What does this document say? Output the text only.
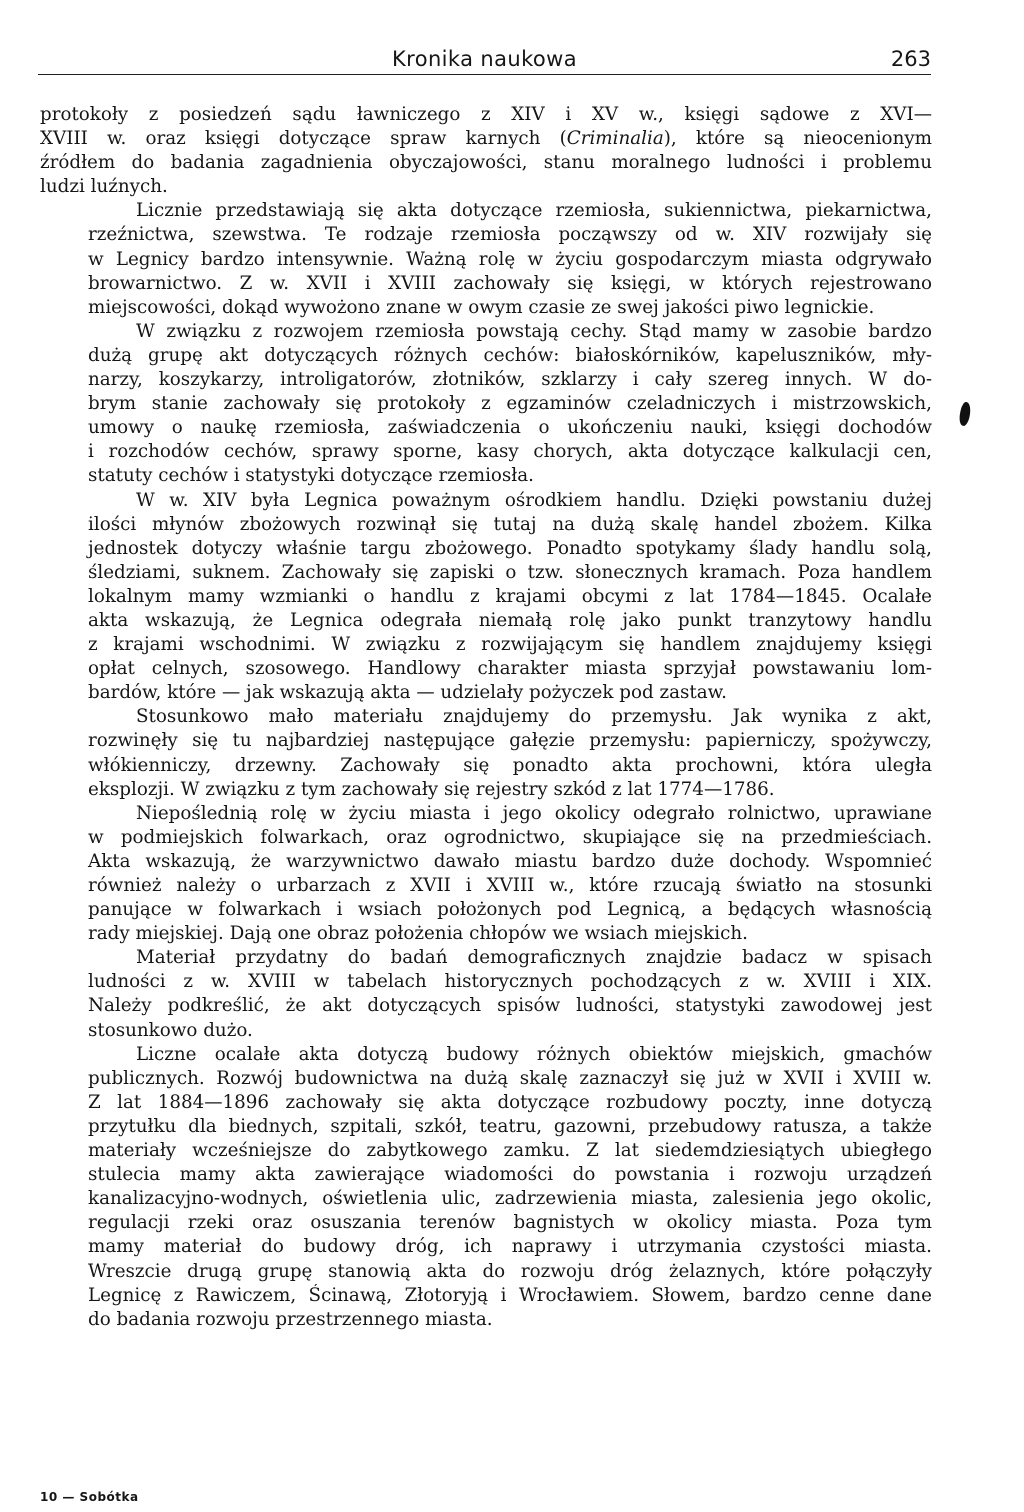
Kronika naukowa	263
protokoły z posiedzeń sądu ławniczego z XIV i XV w., księgi sądowe z XVI—
XVIII w. oraz księgi dotyczące spraw karnych (Criminalia), które są nieocenionym
źródłem do badania zagadnienia obyczajowości, stanu moralnego ludności i problemu
ludzi luźnych.
Licznie przedstawiają się akta dotyczące rzemiosła, sukiennictwa, piekarnictwa,
rzeźnictwa, szewstwa. Te rodzaje rzemiosła począwszy od w. XIV rozwijały się
w Legnicy bardzo intensywnie. Ważną rolę w życiu gospodarczym miasta odgrywało
browarnictwo. Z w. XVII i XVIII zachowały się księgi, w których rejestrowano
miejscowości, dokąd wywożono znane w owym czasie ze swej jakości piwo legnickie.
W związku z rozwojem rzemiosła powstają cechy. Stąd mamy w zasobie bardzo
dużą grupę akt dotyczących różnych cechów: białoskórników, kapeluszników, mły-
narzy, koszykarzy, introligatorów, złotników, szklarzy i cały szereg innych. W do-
brym stanie zachowały się protokoły z egzaminów czeladniczych i mistrzowskich,
umowy o naukę rzemiosła, zaświadczenia o ukończeniu nauki, księgi dochodów
i rozchodów cechów, sprawy sporne, kasy chorych, akta dotyczące kalkulacji cen,
statuty cechów i statystyki dotyczące rzemiosła.
W w. XIV była Legnica poważnym ośrodkiem handlu. Dzięki powstaniu dużej
ilości młynów zbożowych rozwinął się tutaj na dużą skalę handel zbożem. Kilka
jednostek dotyczy właśnie targu zbożowego. Ponadto spotykamy ślady handlu solą,
śledziami, suknem. Zachowały się zapiski o tzw. słonecznych kramach. Poza handlem
lokalnym mamy wzmianki o handlu z krajami obcymi z lat 1784—1845. Ocalałe
akta wskazują, że Legnica odegrała niemałą rolę jako punkt tranzytowy handlu
z krajami wschodnimi. W związku z rozwijającym się handlem znajdujemy księgi
opłat celnych, szosowego. Handlowy charakter miasta sprzyjał powstawaniu lom-
bardów, które — jak wskazują akta — udzielały pożyczek pod zastaw.
Stosunkowo mało materiału znajdujemy do przemysłu. Jak wynika z akt,
rozwinęły się tu najbardziej następujące gałęzie przemysłu: papierniczy, spożywczy,
włókienniczy, drzewny. Zachowały się ponadto akta prochowni, która uległa
eksplozji. W związku z tym zachowały się rejestry szkód z lat 1774—1786.
Niepoślednią rolę w życiu miasta i jego okolicy odegrało rolnictwo, uprawiane
w podmiejskich folwarkach, oraz ogrodnictwo, skupiające się na przedmieściach.
Akta wskazują, że warzywnictwo dawało miastu bardzo duże dochody. Wspomnieć
również należy o urbarzach z XVII i XVIII w., które rzucają światło na stosunki
panujące w folwarkach i wsiach położonych pod Legnicą, a będących własnością
rady miejskiej. Dają one obraz położenia chłopów we wsiach miejskich.
Materiał przydatny do badań demograficznych znajdzie badacz w spisach
ludności z w. XVIII w tabelach historycznych pochodzących z w. XVIII i XIX.
Należy podkreślić, że akt dotyczących spisów ludności, statystyki zawodowej jest
stosunkowo dużo.
Liczne ocalałe akta dotyczą budowy różnych obiektów miejskich, gmachów
publicznych. Rozwój budownictwa na dużą skalę zaznaczył się już w XVII i XVIII w.
Z lat 1884—1896 zachowały się akta dotyczące rozbudowy poczty, inne dotyczą
przytułku dla biednych, szpitali, szkół, teatru, gazowni, przebudowy ratusza, a także
materiały wcześniejsze do zabytkowego zamku. Z lat siedemdziesiątych ubiegłego
stulecia mamy akta zawierające wiadomości do powstania i rozwoju urządzeń
kanalizacyjno-wodnych, oświetlenia ulic, zadrzewienia miasta, zalesienia jego okolic,
regulacji rzeki oraz osuszania terenów bagnistych w okolicy miasta. Poza tym
mamy materiał do budowy dróg, ich naprawy i utrzymania czystości miasta.
Wreszcie drugą grupę stanowią akta do rozwoju dróg żelaznych, które połączyły
Legnicę z Rawiczem, Ścinawą, Złotoryją i Wrocławiem. Słowem, bardzo cenne dane
do badania rozwoju przestrzennego miasta.
10 — Sobótka
